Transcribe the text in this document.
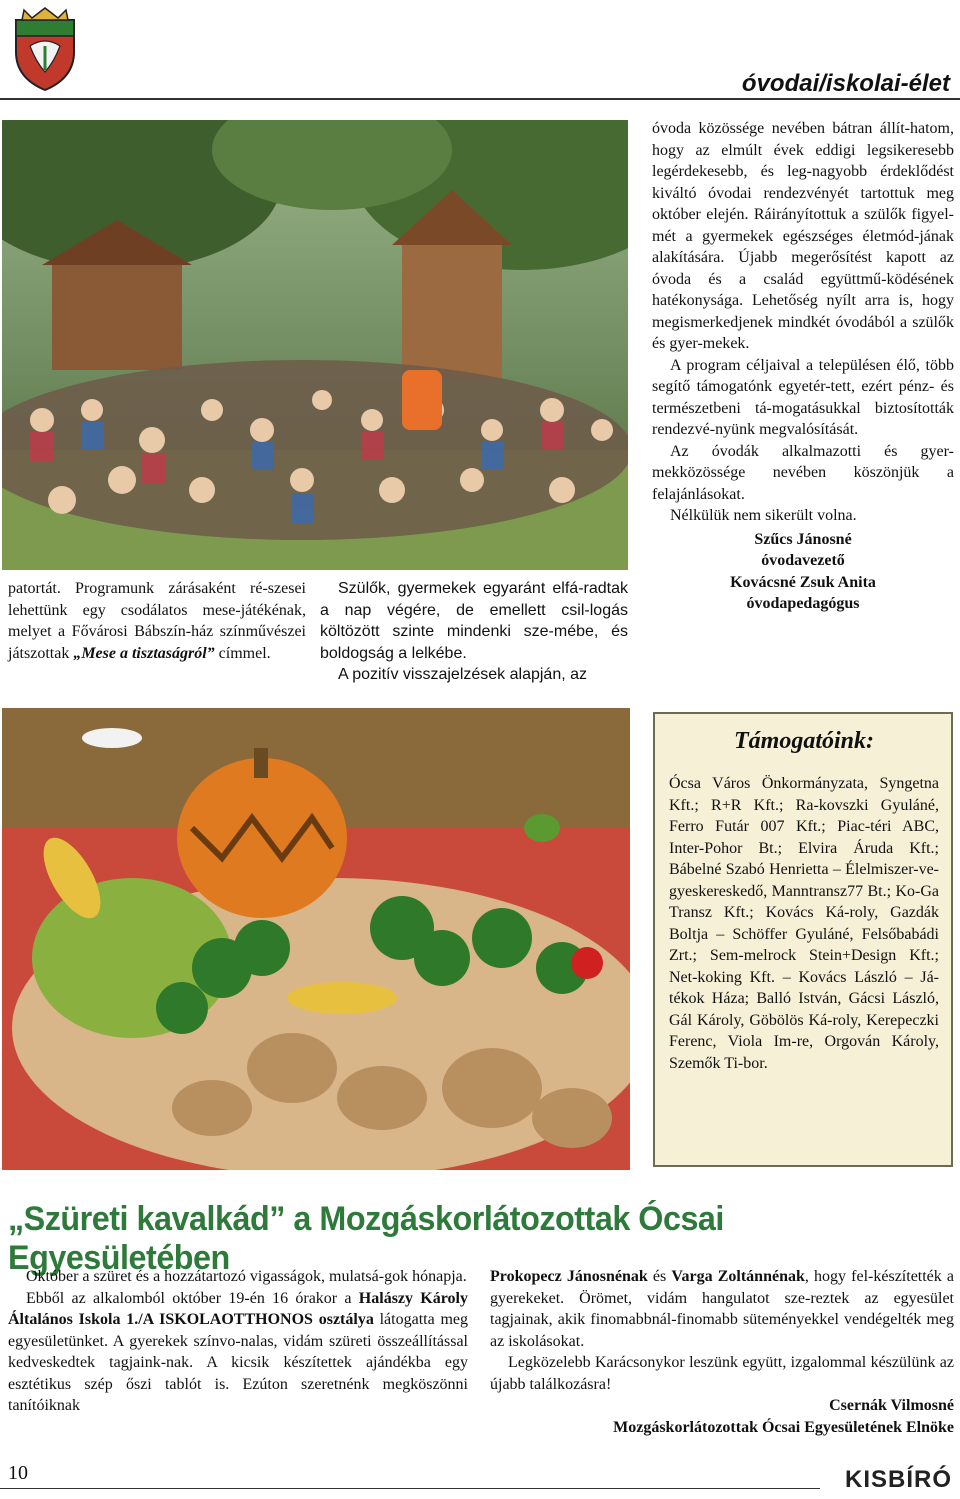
óvodai/iskolai-élet

patortát. Programunk zárásaként ré-szesei lehettünk egy csodálatos mese-játékénak, melyet a Fővárosi Bábszín-ház színművészei játszottak „Mese a tisztaságról” címmel.

Szülők, gyermekek egyaránt elfá-radtak a nap végére, de emellett csil-logás költözött szinte mindenki sze-mébe, és boldogság a lelkébe.

A pozitív visszajelzések alapján, az

óvoda közössége nevében bátran állít-hatom, hogy az elmúlt évek eddigi legsikeresebb legérdekesebb, és leg-nagyobb érdeklődést kiváltó óvodai rendezvényét tartottuk meg október elején. Ráirányítottuk a szülők figyel-mét a gyermekek egészséges életmód-jának alakítására. Újabb megerősítést kapott az óvoda és a család együttmű-ködésének hatékonysága. Lehetőség nyílt arra is, hogy megismerkedjenek mindkét óvodából a szülők és gyer-mekek.

A program céljaival a településen élő, több segítő támogatónk egyetér-tett, ezért pénz- és természetbeni tá-mogatásukkal biztosították rendezvé-nyünk megvalósítását.

Az óvodák alkalmazotti és gyer-mekközössége nevében köszönjük a felajánlásokat.

Nélkülük nem sikerült volna.

Szűcs Jánosné
óvodavezető
Kovácsné Zsuk Anita
óvodapedagógus
Támogatóink:
Ócsa Város Önkormányzata, Syngetna Kft.; R+R Kft.; Ra-kovszki Gyuláné, Ferro Futár 007 Kft.; Piac-téri ABC, Inter-Pohor Bt.; Elvira Áruda Kft.; Bábelné Szabó Henrietta – Élelmiszer-ve-gyeskereskedő, Manntransz77 Bt.; Ko-Ga Transz Kft.; Kovács Ká-roly, Gazdák Boltja – Schöffer Gyuláné, Felsőbabádi Zrt.; Sem-melrock Stein+Design Kft.; Net-koking Kft. – Kovács László – Já-tékok Háza; Balló István, Gácsi László, Gál Károly, Göbölös Ká-roly, Kerepeczki Ferenc, Viola Im-re, Orgován Károly, Szemők Ti-bor.
„Szüreti kavalkád” a Mozgáskorlátozottak Ócsai Egyesületében

Október a szüret és a hozzátartozó vigasságok, mulatsá-gok hónapja.

Ebből az alkalomból október 19-én 16 órakor a Halászy Károly Általános Iskola 1./A ISKOLAOTTHONOS osztálya látogatta meg egyesületünket. A gyerekek színvo-nalas, vidám szüreti összeállítással kedveskedtek tagjaink-nak. A kicsik készítettek ajándékba egy esztétikus szép őszi tablót is. Ezúton szeretnénk megköszönni tanítóiknak

Prokopecz Jánosnénak és Varga Zoltánnénak, hogy fel-készítették a gyerekeket. Örömet, vidám hangulatot sze-reztek az egyesület tagjainak, akik finomabbnál-finomabb süteményekkel vendégelték meg az iskolásokat.

Legközelebb Karácsonykor leszünk együtt, izgalommal készülünk az újabb találkozásra!

Csernák Vilmosné
Mozgáskorlátozottak Ócsai Egyesületének Elnöke
10	KISBÍRÓ
